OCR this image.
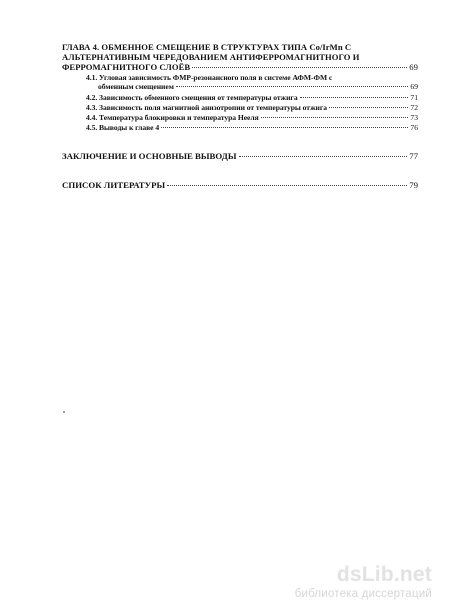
ГЛАВА 4. ОБМЕННОЕ СМЕЩЕНИЕ В СТРУКТУРАХ ТИПА Co/IrMn С
АЛЬТЕРНАТИВНЫМ ЧЕРЕДОВАНИЕМ АНТИФЕРРОМАГНИТНОГО И
ФЕРРОМАГНИТНОГО СЛОЁВ	69
4.1. Угловая зависимость ФМР-резонансного поля в системе АФМ-ФМ с
обменным смещением	69
4.2. Зависимость обменного смещения от температуры отжига	71
4.3. Зависимость поля магнитной анизотропии от температуры отжига	72
4.4. Температура блокировки и температура Нееля	73
4.5. Выводы к главе 4	76
ЗАКЛЮЧЕНИЕ И ОСНОВНЫЕ ВЫВОДЫ	77
СПИСОК ЛИТЕРАТУРЫ	79
dsLib.net
библиотека диссертаций
